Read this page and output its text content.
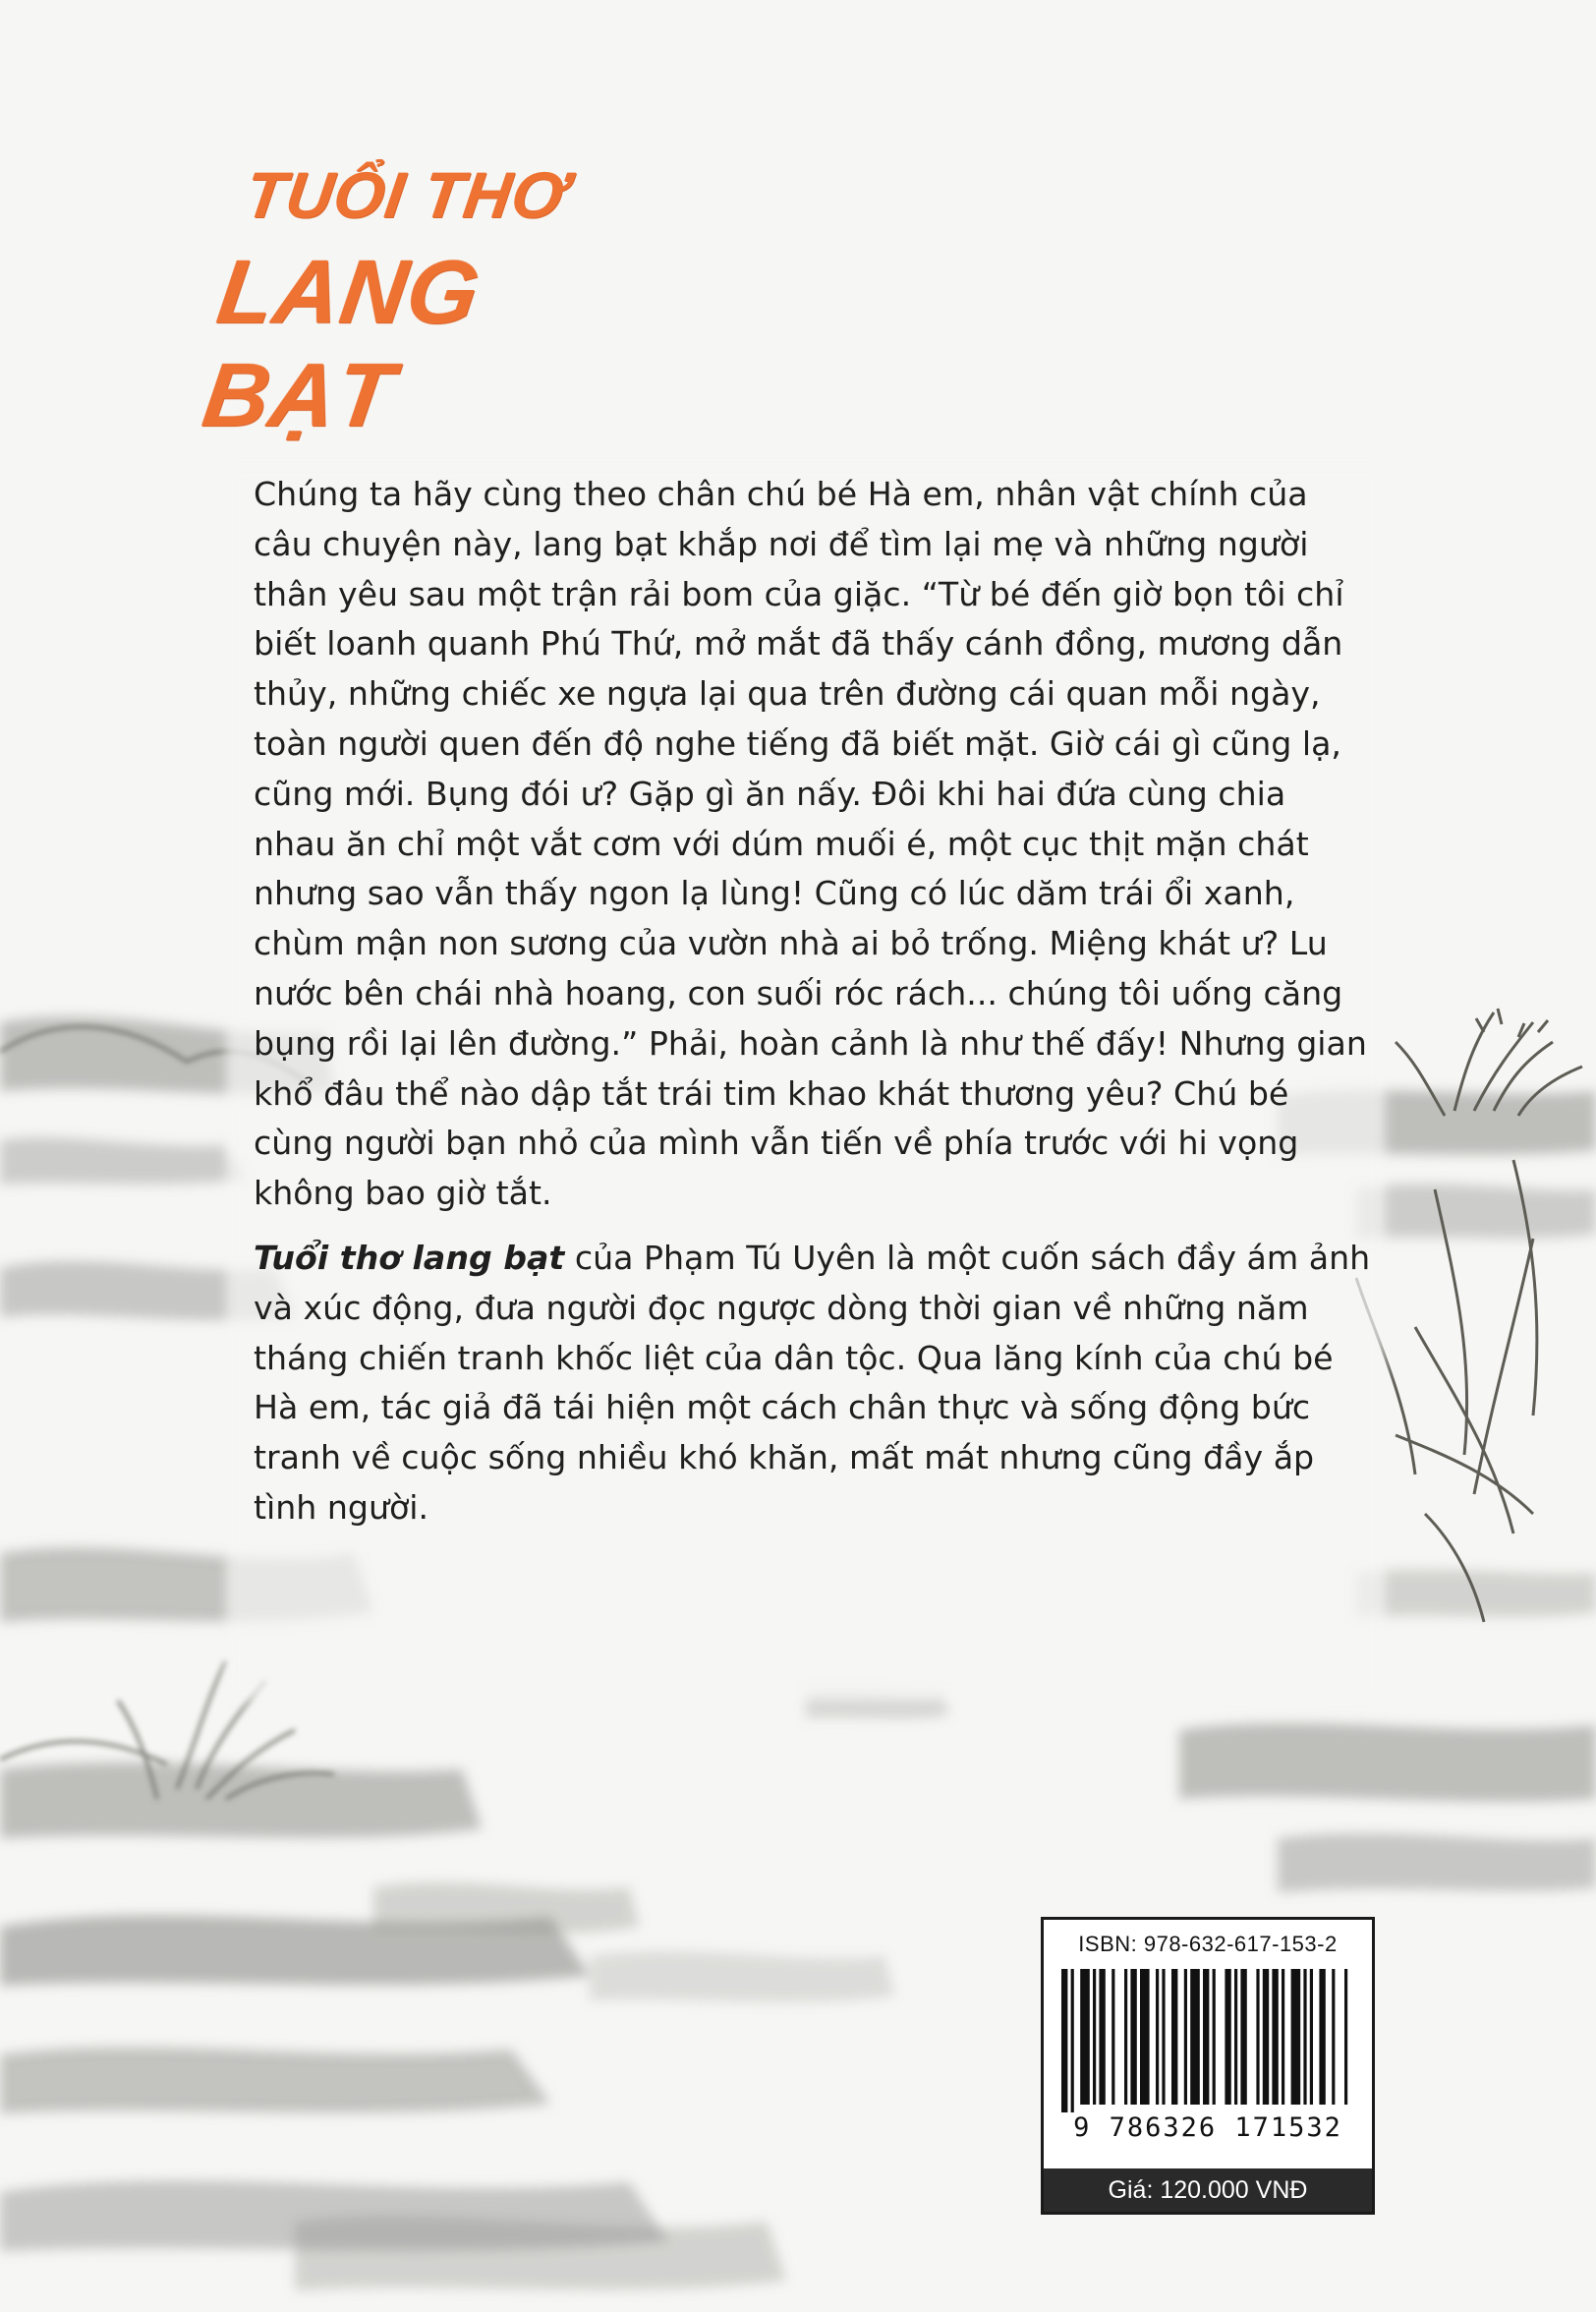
TUỔI THƠ
LANG BẠT

Chúng ta hãy cùng theo chân chú bé Hà em, nhân vật chính của câu chuyện này, lang bạt khắp nơi để tìm lại mẹ và những người thân yêu sau một trận rải bom của giặc. “Từ bé đến giờ bọn tôi chỉ biết loanh quanh Phú Thứ, mở mắt đã thấy cánh đồng, mương dẫn thủy, những chiếc xe ngựa lại qua trên đường cái quan mỗi ngày, toàn người quen đến độ nghe tiếng đã biết mặt. Giờ cái gì cũng lạ, cũng mới. Bụng đói ư? Gặp gì ăn nấy. Đôi khi hai đứa cùng chia nhau ăn chỉ một vắt cơm với dúm muối é, một cục thịt mặn chát nhưng sao vẫn thấy ngon lạ lùng! Cũng có lúc dăm trái ổi xanh, chùm mận non sương của vườn nhà ai bỏ trống. Miệng khát ư? Lu nước bên chái nhà hoang, con suối róc rách... chúng tôi uống căng bụng rồi lại lên đường.” Phải, hoàn cảnh là như thế đấy! Nhưng gian khổ đâu thể nào dập tắt trái tim khao khát thương yêu? Chú bé cùng người bạn nhỏ của mình vẫn tiến về phía trước với hi vọng không bao giờ tắt.

Tuổi thơ lang bạt của Phạm Tú Uyên là một cuốn sách đầy ám ảnh và xúc động, đưa người đọc ngược dòng thời gian về những năm tháng chiến tranh khốc liệt của dân tộc. Qua lăng kính của chú bé Hà em, tác giả đã tái hiện một cách chân thực và sống động bức tranh về cuộc sống nhiều khó khăn, mất mát nhưng cũng đầy ắp tình người.

ISBN: 978-632-617-153-2
9 786326 171532
Giá: 120.000 VNĐ
